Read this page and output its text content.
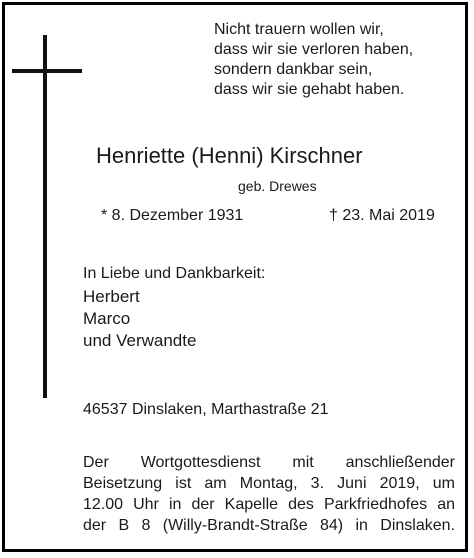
Nicht trauern wollen wir,
dass wir sie verloren haben,
sondern dankbar sein,
dass wir sie gehabt haben.
Henriette (Henni) Kirschner
geb. Drewes
* 8. Dezember 1931	† 23. Mai 2019
In Liebe und Dankbarkeit:
Herbert
Marco
und Verwandte
46537 Dinslaken, Marthastraße 21
Der Wortgottesdienst mit anschließender
Beisetzung ist am Montag, 3. Juni 2019, um
12.00 Uhr in der Kapelle des Parkfriedhofes an
der B 8 (Willy-Brandt-Straße 84) in Dinslaken.
